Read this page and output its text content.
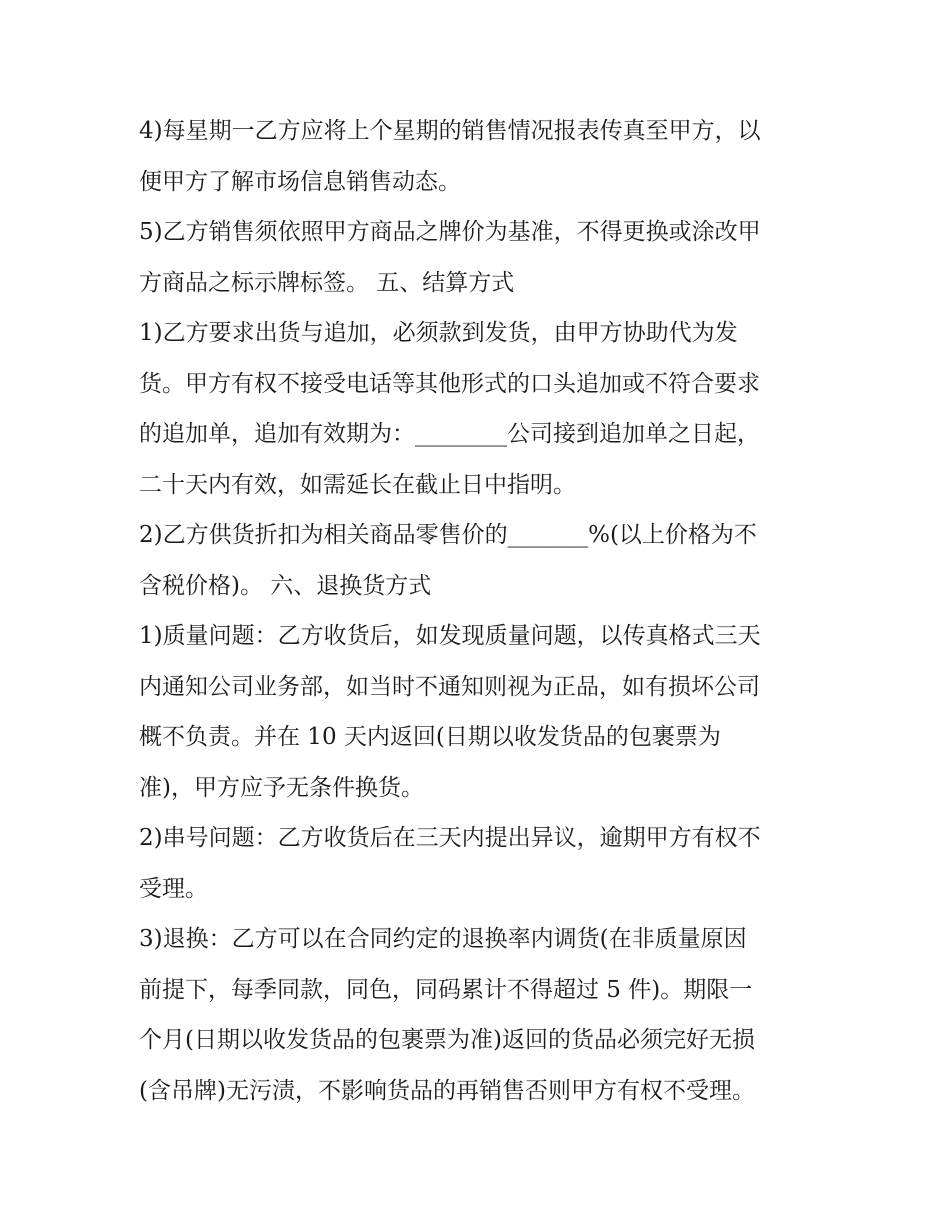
4)每星期一乙方应将上个星期的销售情况报表传真至甲方，以
便甲方了解市场信息销售动态。
5)乙方销售须依照甲方商品之牌价为基准，不得更换或涂改甲
方商品之标示牌标签。 五、结算方式
1)乙方要求出货与追加，必须款到发货，由甲方协助代为发
货。甲方有权不接受电话等其他形式的口头追加或不符合要求
的追加单，追加有效期为：________公司接到追加单之日起，
二十天内有效，如需延长在截止日中指明。
2)乙方供货折扣为相关商品零售价的_______%(以上价格为不
含税价格)。 六、退换货方式
1)质量问题：乙方收货后，如发现质量问题，以传真格式三天
内通知公司业务部，如当时不通知则视为正品，如有损坏公司
概不负责。并在 10 天内返回(日期以收发货品的包裹票为
准)，甲方应予无条件换货。
2)串号问题：乙方收货后在三天内提出异议，逾期甲方有权不
受理。
3)退换：乙方可以在合同约定的退换率内调货(在非质量原因
前提下，每季同款，同色，同码累计不得超过 5 件)。期限一
个月(日期以收发货品的包裹票为准)返回的货品必须完好无损
(含吊牌)无污渍，不影响货品的再销售否则甲方有权不受理。
